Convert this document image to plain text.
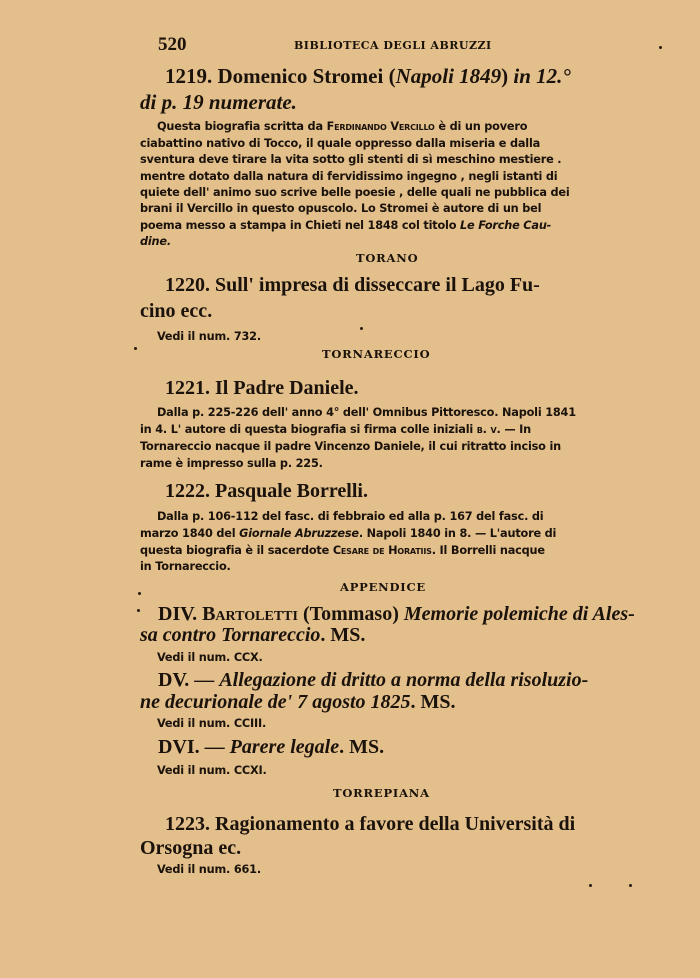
520	BIBLIOTECA DEGLI ABRUZZI
1219. Domenico Stromei (Napoli 1849) in 12.°
di p. 19 numerate.
Questa biografia scritta da Ferdinando Vercillo è di un povero
ciabattino nativo di Tocco, il quale oppresso dalla miseria e dalla
sventura deve tirare la vita sotto gli stenti di sì meschino mestiere .
mentre dotato dalla natura di fervidissimo ingegno , negli istanti di
quiete dell' animo suo scrive belle poesie , delle quali ne pubblica dei
brani il Vercillo in questo opuscolo. Lo Stromei è autore di un bel
poema messo a stampa in Chieti nel 1848 col titolo Le Forche Cau-
dine.
TORANO
1220. Sull' impresa di disseccare il Lago Fu-
cino ecc.
Vedi il num. 732.
TORNARECCIO
1221. Il Padre Daniele.
Dalla p. 225-226 dell' anno 4° dell' Omnibus Pittoresco. Napoli 1841
in 4. L' autore di questa biografia si firma colle iniziali b. v. — In
Tornareccio nacque il padre Vincenzo Daniele, il cui ritratto inciso in
rame è impresso sulla p. 225.
1222. Pasquale Borrelli.
Dalla p. 106-112 del fasc. di febbraio ed alla p. 167 del fasc. di
marzo 1840 del Giornale Abruzzese. Napoli 1840 in 8. — L'autore di
questa biografia è il sacerdote Cesare de Horatiis. Il Borrelli nacque
in Tornareccio.
APPENDICE
DIV. Bartoletti (Tommaso) Memorie polemiche di Ales-
sa contro Tornareccio. MS.
Vedi il num. CCX.
DV. — Allegazione di dritto a norma della risoluzio-
ne decurionale de' 7 agosto 1825. MS.
Vedi il num. CCIII.
DVI. — Parere legale. MS.
Vedi il num. CCXI.
TORREPIANA
1223. Ragionamento a favore della Università di
Orsogna ec.
Vedi il num. 661.
